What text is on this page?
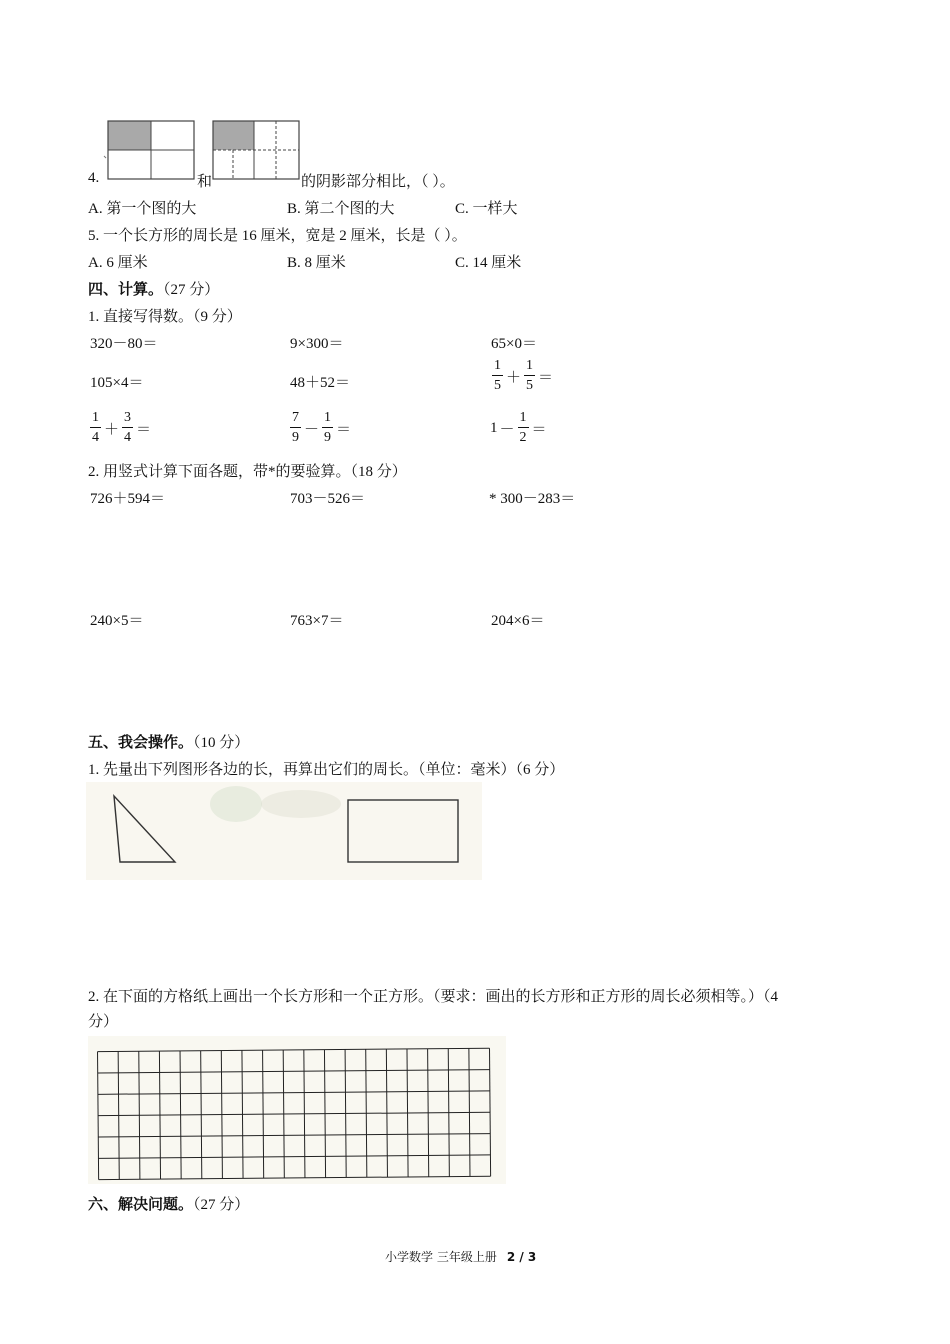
4.	和	的阴影部分相比，（ ）。
A. 第一个图的大	B. 第二个图的大	C. 一样大
5. 一个长方形的周长是 16 厘米，宽是 2 厘米，长是（ ）。
A. 6 厘米	B. 8 厘米	C. 14 厘米
四、计算。（27 分）
1. 直接写得数。（9 分）
320－80＝	9×300＝	65×0＝
105×4＝	48＋52＝	$\frac{1}{5} + \frac{1}{5}$ ＝
$\frac{1}{4} + \frac{3}{4}$ ＝	$\frac{7}{9} - \frac{1}{9}$ ＝	$1 - \frac{1}{2}$ ＝
2. 用竖式计算下面各题，带*的要验算。（18 分）
726＋594＝	703－526＝	* 300－283＝
240×5＝	763×7＝	204×6＝
五、我会操作。（10 分）
1. 先量出下列图形各边的长，再算出它们的周长。（单位：毫米）（6 分）
2. 在下面的方格纸上画出一个长方形和一个正方形。（要求：画出的长方形和正方形的周长必须相等。）（4
分）
六、解决问题。（27 分）
小学数学 三年级上册 2 / 3
